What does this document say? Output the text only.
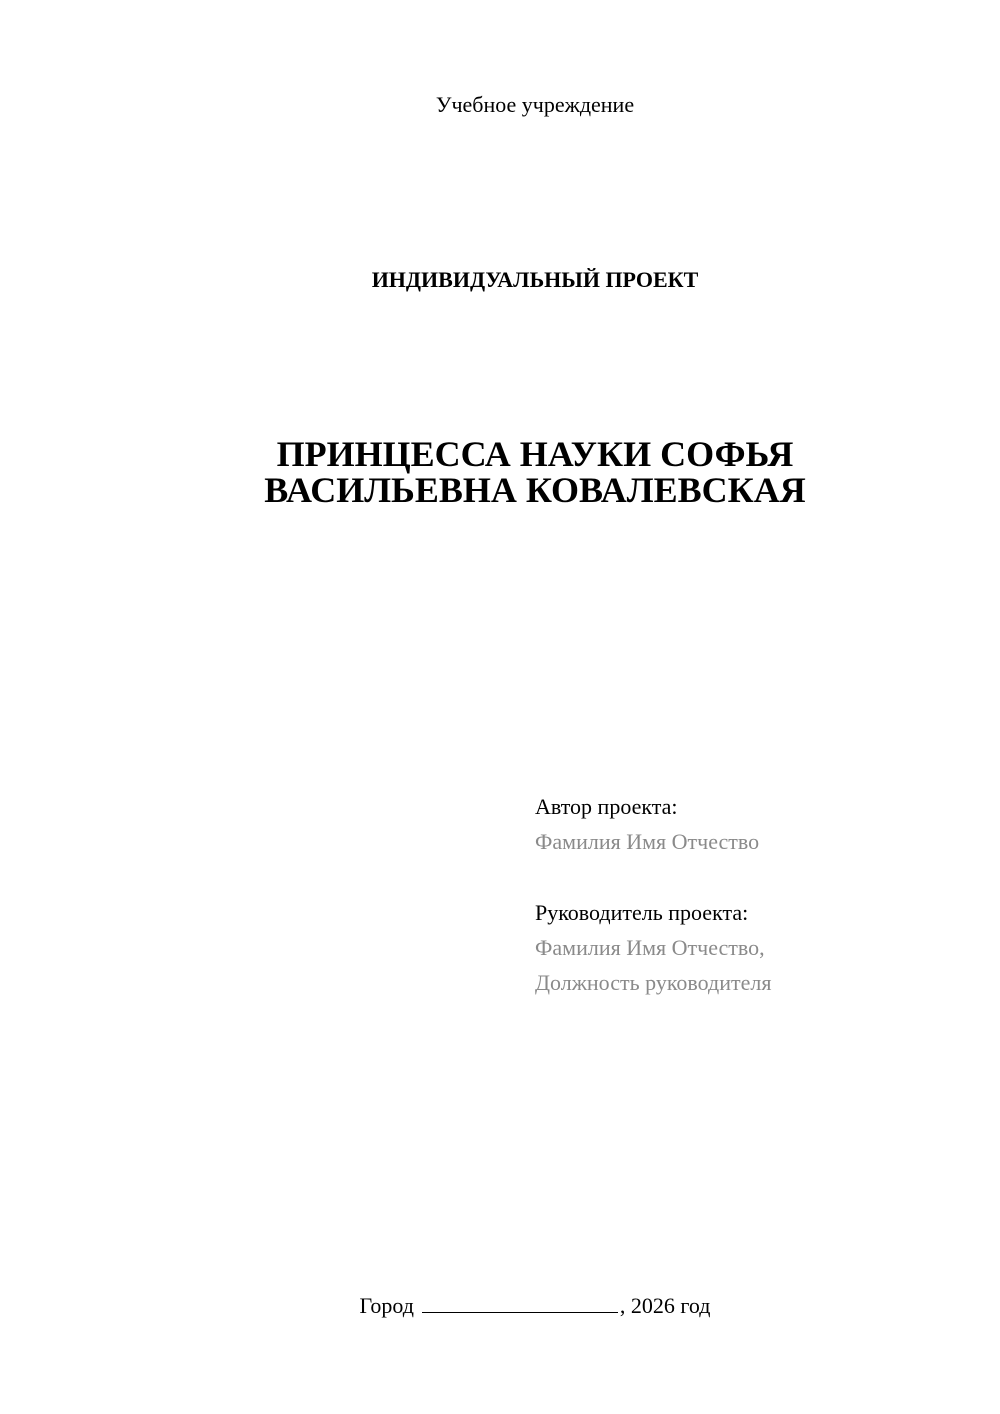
Учебное учреждение
ИНДИВИДУАЛЬНЫЙ ПРОЕКТ
ПРИНЦЕССА НАУКИ СОФЬЯ
ВАСИЛЬЕВНА КОВАЛЕВСКАЯ
Автор проекта:
Фамилия Имя Отчество
Руководитель проекта:
Фамилия Имя Отчество,
Должность руководителя
Город	, 2026 год
